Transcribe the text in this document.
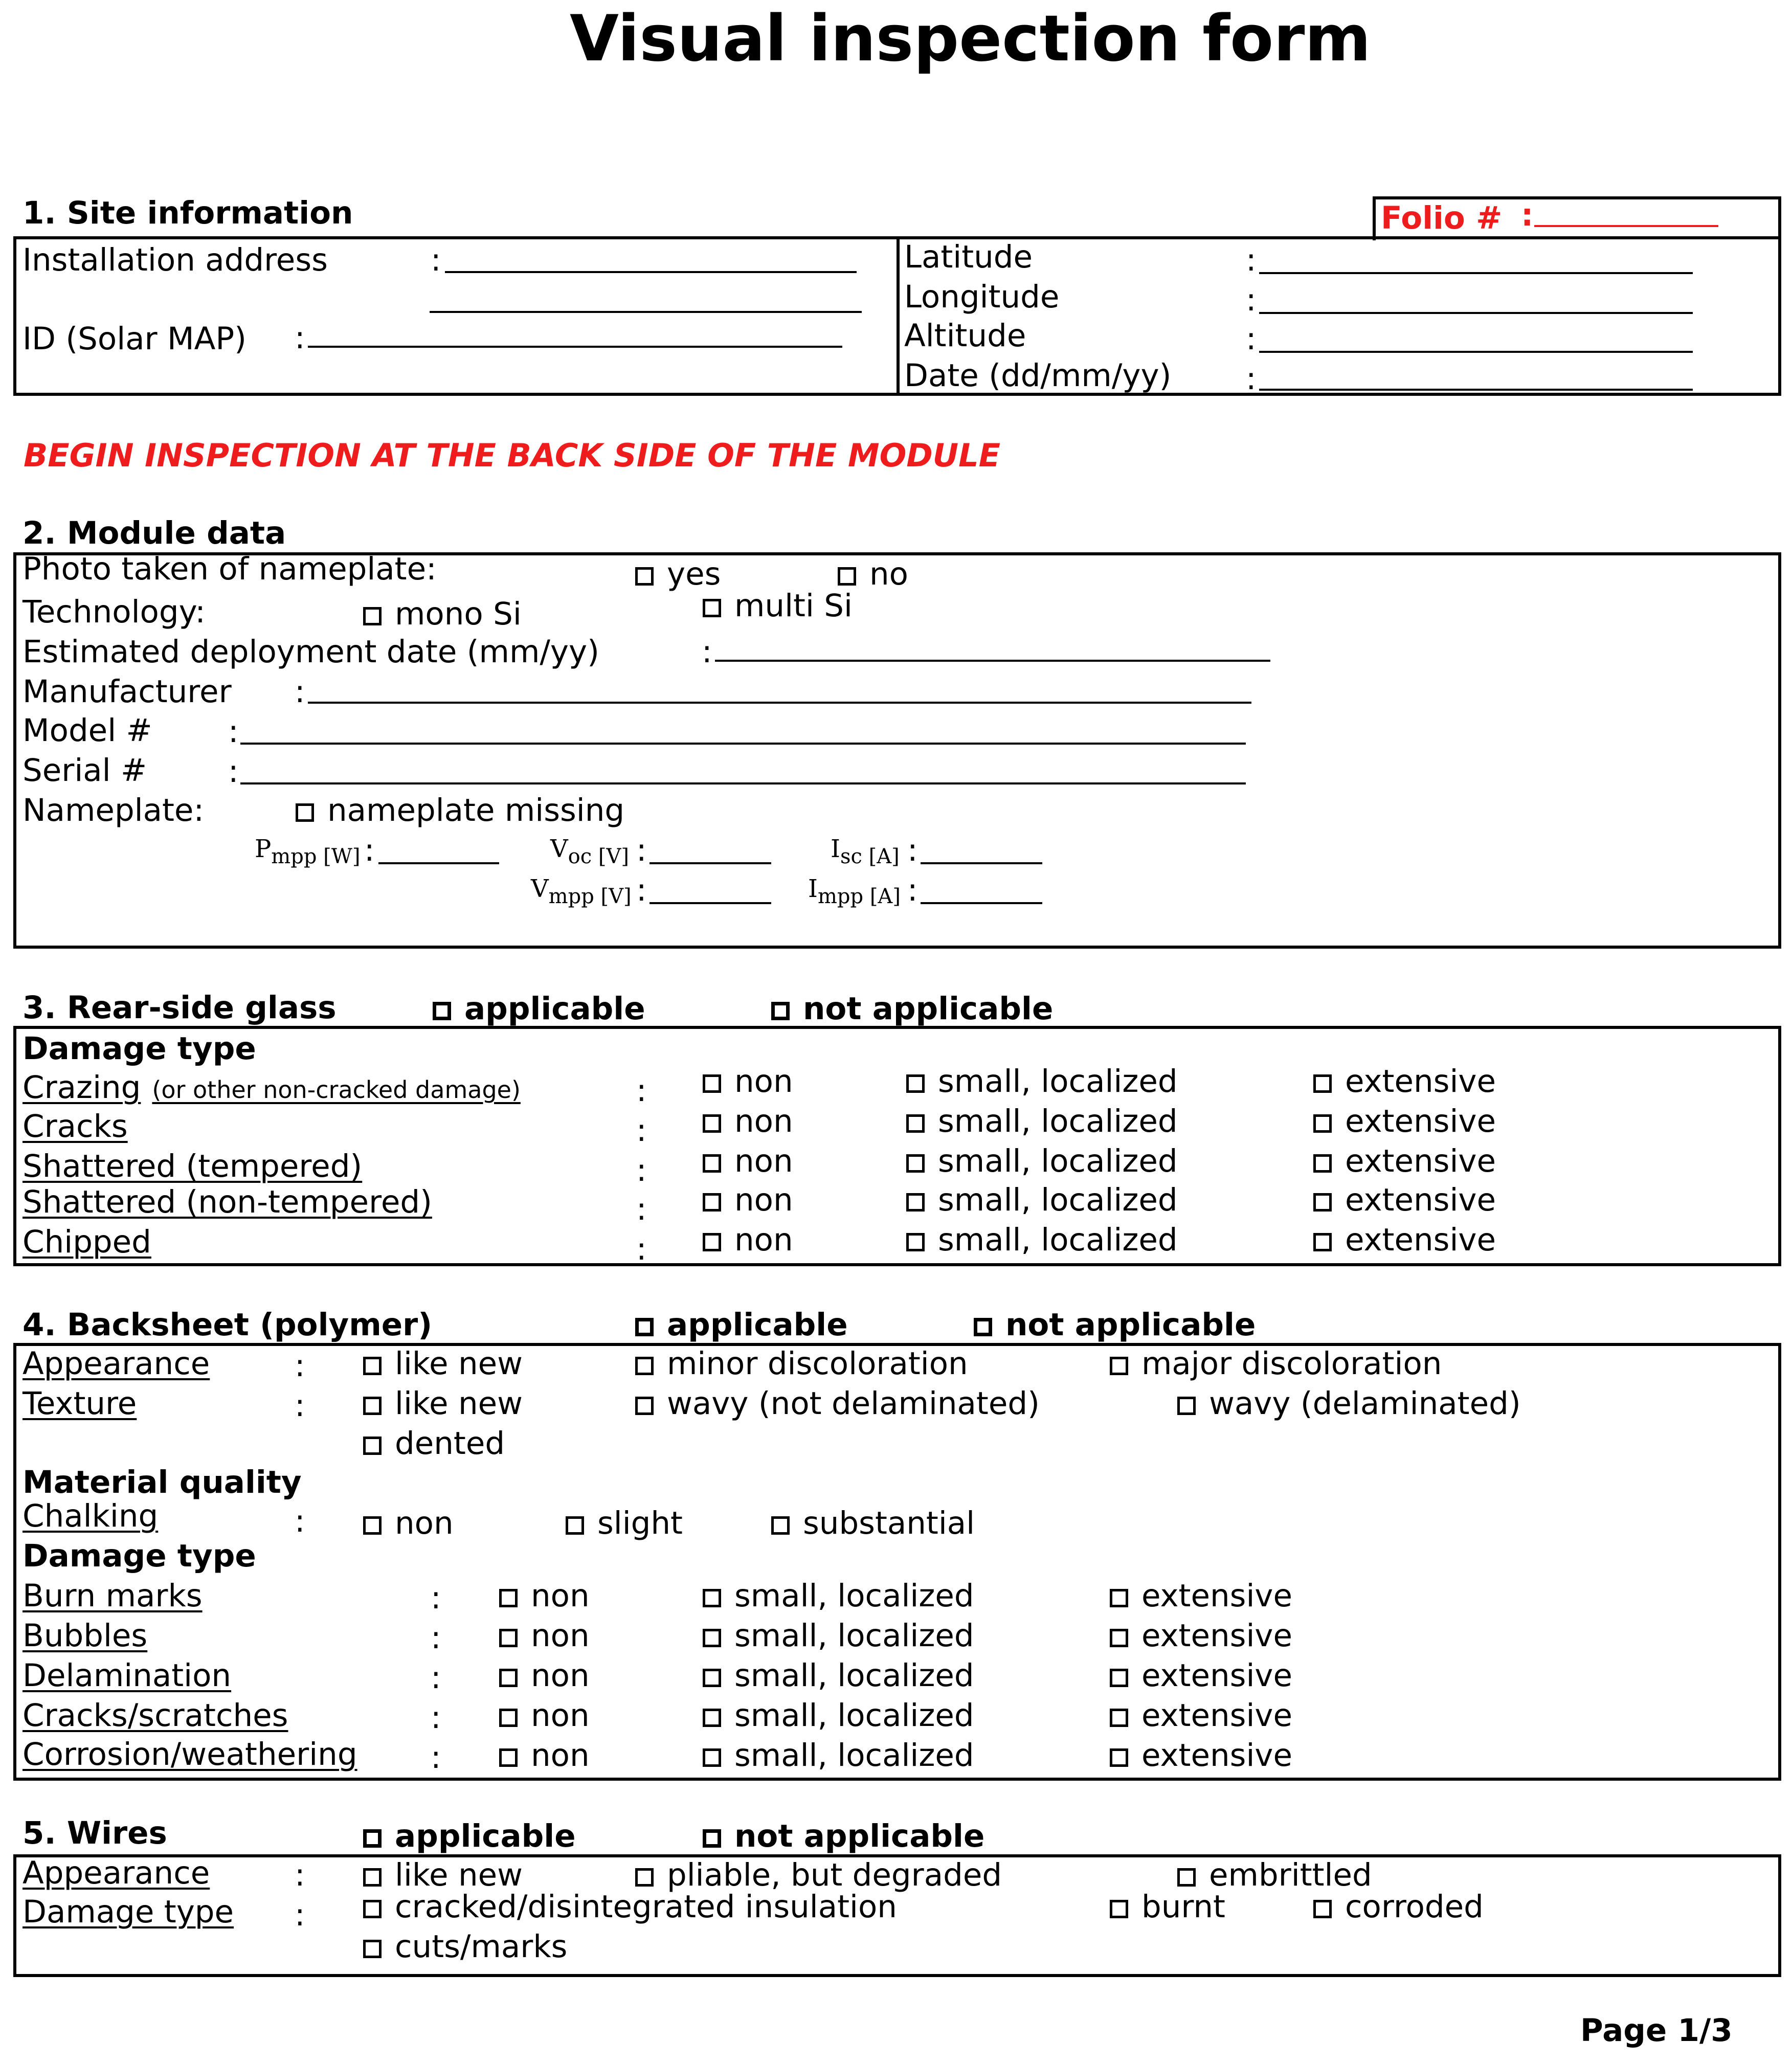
Visual inspection form
1. Site information	Folio # :
Installation address	:
ID (Solar MAP) :
Latitude	:
Longitude	:
Altitude	:
Date (dd/mm/yy) :
BEGIN INSPECTION AT THE BACK SIDE OF THE MODULE
2. Module data
Photo taken of nameplate:	yes	no
Technology:	mono Si	multi Si
Estimated deployment date (mm/yy)	:
Manufacturer :
Model # :
Serial #	:
Nameplate:	nameplate missing
$P_{mpp [W]}$ :	$V_{oc [V]}$ :	$I_{sc [A]}$ :
$V_{mpp [V]}$ :	$I_{mpp [A]}$ :
3. Rear-side glass	applicable	not applicable
Damage type
Crazing (or other non-cracked damage)	:	non	small, localized	extensive
Cracks	:	non	small, localized	extensive
Shattered (tempered)	:	non	small, localized	extensive
Shattered (non-tempered)	:	non	small, localized	extensive
Chipped	:	non	small, localized	extensive
4. Backsheet (polymer)	applicable	not applicable
Appearance	:	like new	minor discoloration	major discoloration
Texture	:	like new	wavy (not delaminated)	wavy (delaminated)
dented
Material quality
Chalking	:	non	slight	substantial
Damage type
Burn marks	:	non	small, localized	extensive
Bubbles	:	non	small, localized	extensive
Delamination	:	non	small, localized	extensive
Cracks/scratches	:	non	small, localized	extensive
Corrosion/weathering :	non	small, localized	extensive
5. Wires	applicable	not applicable
Appearance	:	like new	pliable, but degraded	embrittled
Damage type :	cracked/disintegrated insulation	burnt	corroded
cuts/marks
Page 1/3
